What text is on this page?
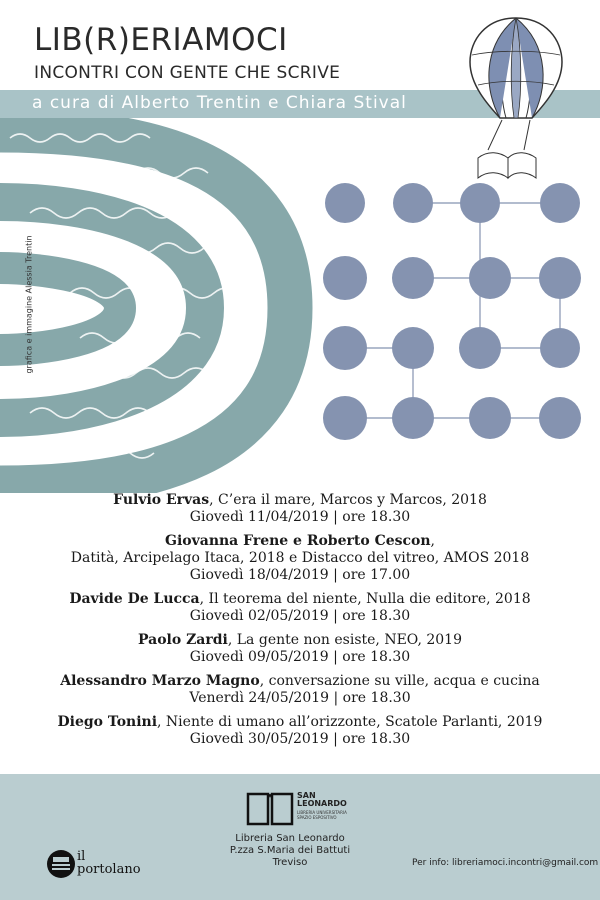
LIB(R)ERIAMOCI
INCONTRI CON GENTE CHE SCRIVE
a cura di Alberto Trentin e Chiara Stival
grafica e immagine Alessia Trentin
Fulvio Ervas, C’era il mare, Marcos y Marcos, 2018
Giovedì 11/04/2019 | ore 18.30
Giovanna Frene e Roberto Cescon,
Datità, Arcipelago Itaca, 2018 e Distacco del vitreo, AMOS 2018
Giovedì 18/04/2019 | ore 17.00
Davide De Lucca, Il teorema del niente, Nulla die editore, 2018
Giovedì 02/05/2019 | ore 18.30
Paolo Zardi, La gente non esiste, NEO, 2019
Giovedì 09/05/2019 | ore 18.30
Alessandro Marzo Magno, conversazione su ville, acqua e cucina
Venerdì 24/05/2019 | ore 18.30
Diego Tonini, Niente di umano all’orizzonte, Scatole Parlanti, 2019
Giovedì 30/05/2019 | ore 18.30
SAN
LEONARDO
LIBRERIA UNIVERSITARIA SPAZIO ESPOSITIVO
Libreria San Leonardo
P.zza S.Maria dei Battuti
Treviso
il
portolano	Per info: libreriamoci.incontri@gmail.com
